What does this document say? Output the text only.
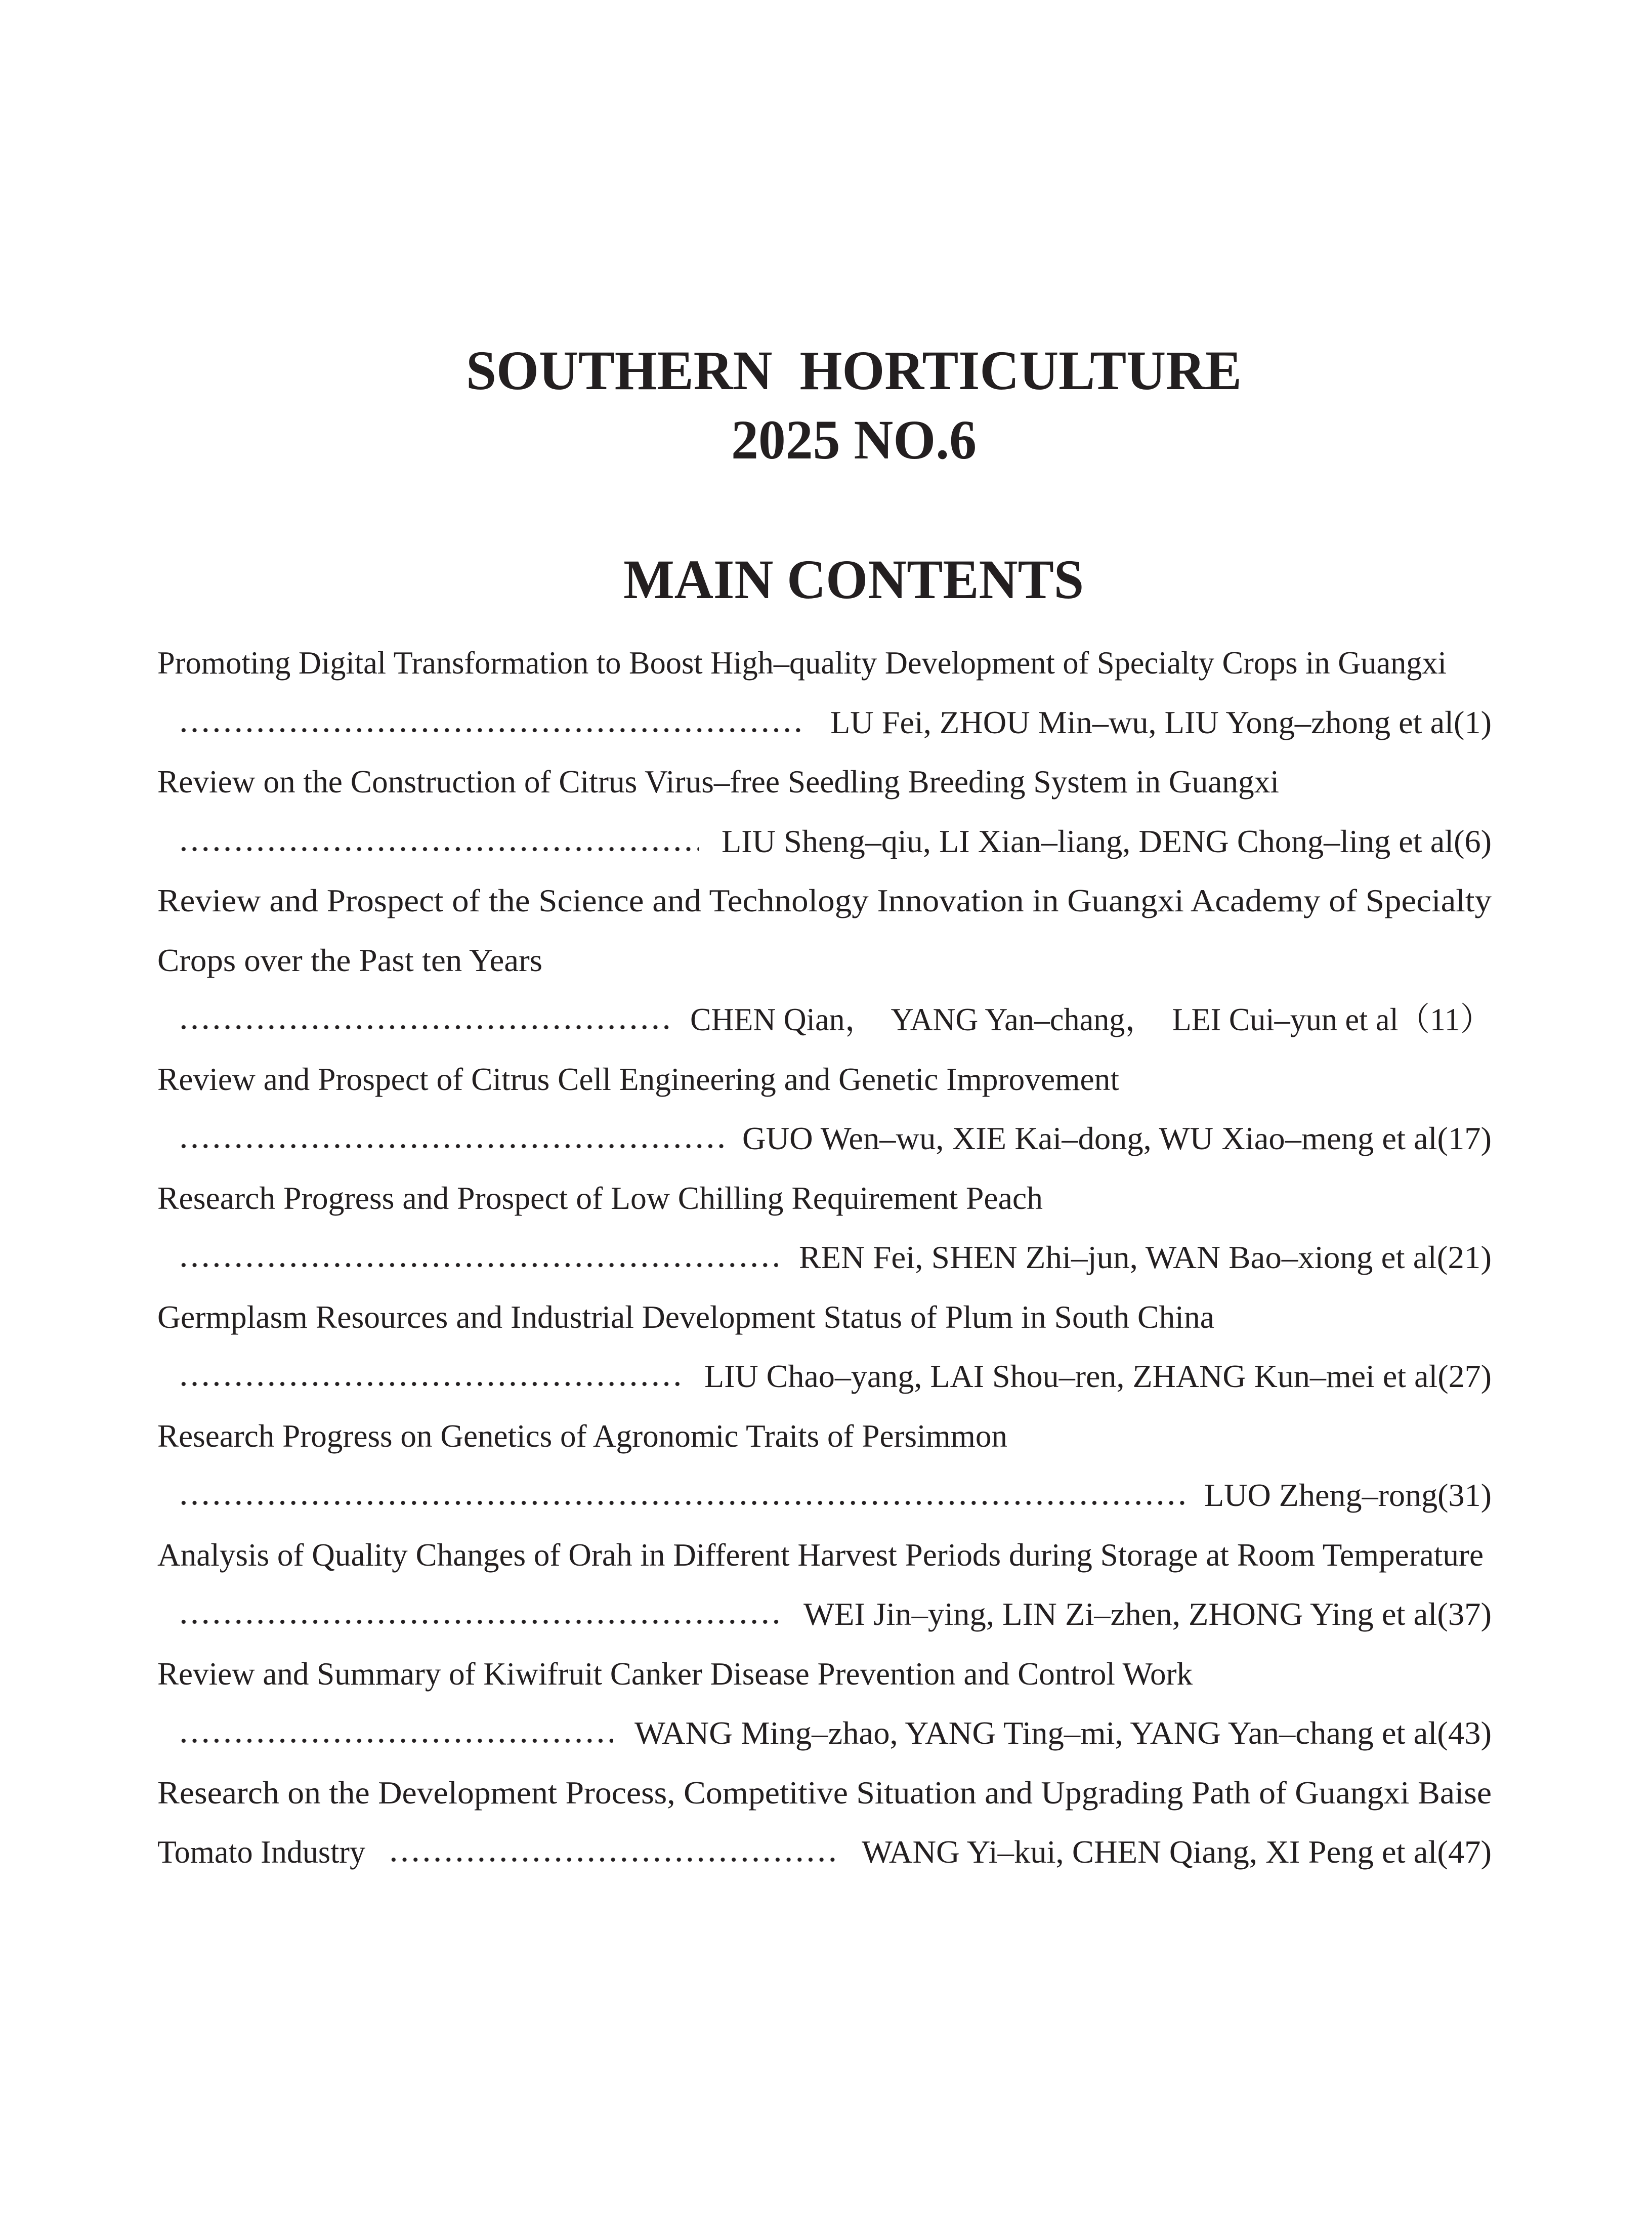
SOUTHERN  HORTICULTURE

2025 NO.6

MAIN CONTENTS

Promoting Digital Transformation to Boost High–quality Development of Specialty Crops in Guangxi

LU Fei, ZHOU Min–wu, LIU Yong–zhong et al(1)

Review on the Construction of Citrus Virus–free Seedling Breeding System in Guangxi

LIU Sheng–qiu, LI Xian–liang, DENG Chong–ling et al(6)

Review and Prospect of the Science and Technology Innovation in Guangxi Academy of Specialty

Crops over the Past ten Years

CHEN Qian，  YANG Yan–chang，  LEI Cui–yun et al（11）

Review and Prospect of Citrus Cell Engineering and Genetic Improvement

GUO Wen–wu, XIE Kai–dong, WU Xiao–meng et al(17)

Research Progress and Prospect of Low Chilling Requirement Peach

REN Fei, SHEN Zhi–jun, WAN Bao–xiong et al(21)

Germplasm Resources and Industrial Development Status of Plum in South China

LIU Chao–yang, LAI Shou–ren, ZHANG Kun–mei et al(27)

Research Progress on Genetics of Agronomic Traits of Persimmon

LUO Zheng–rong(31)

Analysis of Quality Changes of Orah in Different Harvest Periods during Storage at Room Temperature

WEI Jin–ying, LIN Zi–zhen, ZHONG Ying et al(37)

Review and Summary of Kiwifruit Canker Disease Prevention and Control Work

WANG Ming–zhao, YANG Ting–mi, YANG Yan–chang et al(43)

Research on the Development Process, Competitive Situation and Upgrading Path of Guangxi Baise

Tomato Industry

	WANG Yi–kui, CHEN Qiang, XI Peng et al(47)
